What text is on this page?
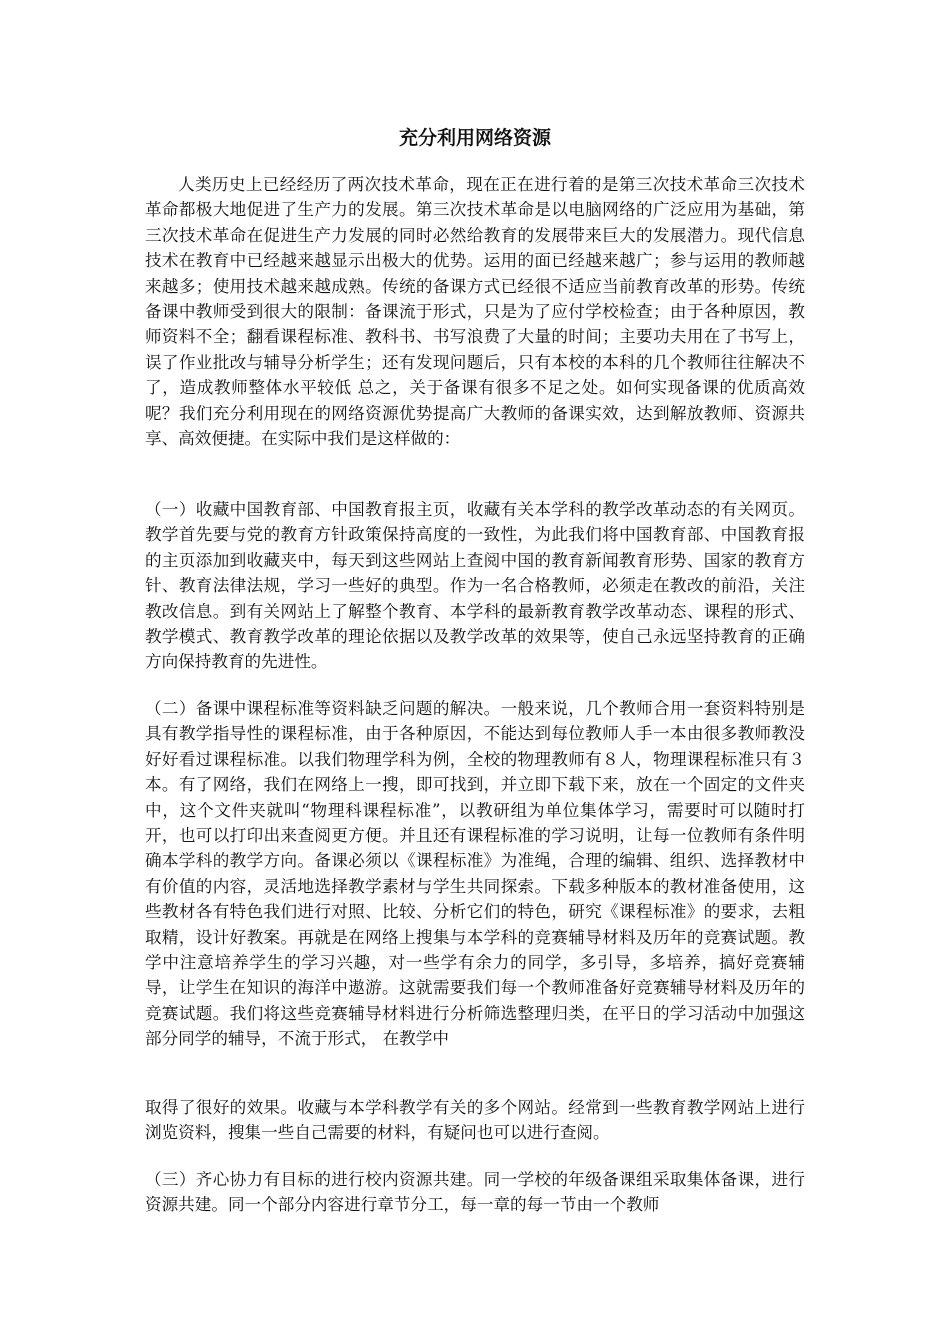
充分利用网络资源

人类历史上已经经历了两次技术革命，现在正在进行着的是第三次技术革命三次技术革命都极大地促进了生产力的发展。第三次技术革命是以电脑网络的广泛应用为基础，第三次技术革命在促进生产力发展的同时必然给教育的发展带来巨大的发展潜力。现代信息技术在教育中已经越来越显示出极大的优势。运用的面已经越来越广；参与运用的教师越来越多；使用技术越来越成熟。传统的备课方式已经很不适应当前教育改革的形势。传统备课中教师受到很大的限制：备课流于形式，只是为了应付学校检查；由于各种原因，教师资料不全；翻看课程标准、教科书、书写浪费了大量的时间；主要功夫用在了书写上，误了作业批改与辅导分析学生；还有发现问题后，只有本校的本科的几个教师往往解决不了，造成教师整体水平较低 总之，关于备课有很多不足之处。如何实现备课的优质高效呢？我们充分利用现在的网络资源优势提高广大教师的备课实效，达到解放教师、资源共享、高效便捷。在实际中我们是这样做的：

（一）收藏中国教育部、中国教育报主页，收藏有关本学科的教学改革动态的有关网页。教学首先要与党的教育方针政策保持高度的一致性，为此我们将中国教育部、中国教育报的主页添加到收藏夹中，每天到这些网站上查阅中国的教育新闻教育形势、国家的教育方针、教育法律法规，学习一些好的典型。作为一名合格教师，必须走在教改的前沿，关注教改信息。到有关网站上了解整个教育、本学科的最新教育教学改革动态、课程的形式、教学模式、教育教学改革的理论依据以及教学改革的效果等，使自己永远坚持教育的正确方向保持教育的先进性。

（二）备课中课程标准等资料缺乏问题的解决。一般来说，几个教师合用一套资料特别是具有教学指导性的课程标准，由于各种原因，不能达到每位教师人手一本由很多教师教没好好看过课程标准。以我们物理学科为例，全校的物理教师有８人，物理课程标准只有３本。有了网络，我们在网络上一搜，即可找到，并立即下载下来，放在一个固定的文件夹中，这个文件夹就叫“物理科课程标准”，以教研组为单位集体学习，需要时可以随时打开，也可以打印出来查阅更方便。并且还有课程标准的学习说明，让每一位教师有条件明确本学科的教学方向。备课必须以《课程标准》为准绳，合理的编辑、组织、选择教材中有价值的内容，灵活地选择教学素材与学生共同探索。下载多种版本的教材准备使用，这些教材各有特色我们进行对照、比较、分析它们的特色，研究《课程标准》的要求，去粗取精，设计好教案。再就是在网络上搜集与本学科的竞赛辅导材料及历年的竞赛试题。教学中注意培养学生的学习兴趣，对一些学有余力的同学，多引导，多培养，搞好竞赛辅导，让学生在知识的海洋中遨游。这就需要我们每一个教师准备好竞赛辅导材料及历年的竞赛试题。我们将这些竞赛辅导材料进行分析筛选整理归类，在平日的学习活动中加强这部分同学的辅导，不流于形式， 在教学中

取得了很好的效果。收藏与本学科教学有关的多个网站。经常到一些教育教学网站上进行浏览资料，搜集一些自己需要的材料，有疑问也可以进行查阅。

（三）齐心协力有目标的进行校内资源共建。同一学校的年级备课组采取集体备课，进行资源共建。同一个部分内容进行章节分工，每一章的每一节由一个教师
